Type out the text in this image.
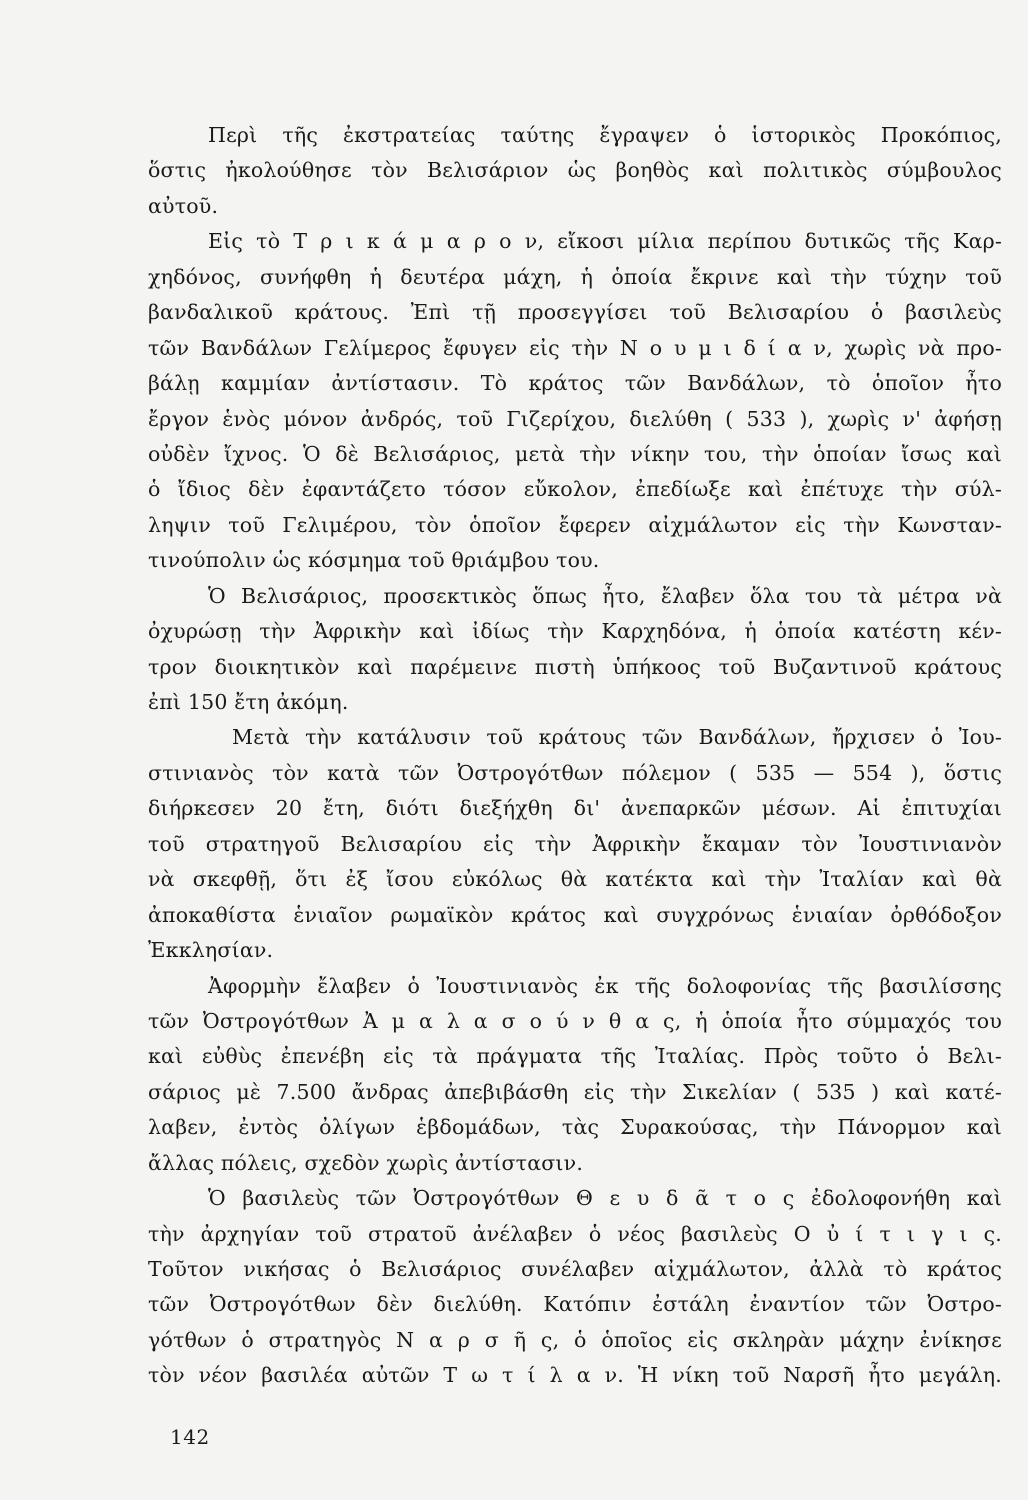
Περὶ τῆς ἐκστρατείας ταύτης ἔγραψεν ὁ ἱστορικὸς Προκόπιος,
ὅστις ἠκολούθησε τὸν Βελισάριον ὡς βοηθὸς καὶ πολιτικὸς σύμβουλος
αὐτοῦ.
Εἰς τὸ Τ ρ ι κ ά μ α ρ ο ν, εἴκοσι μίλια περίπου δυτικῶς τῆς Καρ-
χηδόνος, συνήφθη ἡ δευτέρα μάχη, ἡ ὁποία ἔκρινε καὶ τὴν τύχην τοῦ
βανδαλικοῦ κράτους. Ἐπὶ τῇ προσεγγίσει τοῦ Βελισαρίου ὁ βασιλεὺς
τῶν Βανδάλων Γελίμερος ἔφυγεν εἰς τὴν Ν ο υ μ ι δ ί α ν, χωρὶς νὰ προ-
βάλῃ καμμίαν ἀντίστασιν. Τὸ κράτος τῶν Βανδάλων, τὸ ὁποῖον ἦτο
ἔργον ἑνὸς μόνον ἀνδρός, τοῦ Γιζερίχου, διελύθη ( 533 ), χωρὶς ν' ἀφήσῃ
οὐδὲν ἴχνος. Ὁ δὲ Βελισάριος, μετὰ τὴν νίκην του, τὴν ὁποίαν ἴσως καὶ
ὁ ἴδιος δὲν ἐφαντάζετο τόσον εὔκολον, ἐπεδίωξε καὶ ἐπέτυχε τὴν σύλ-
ληψιν τοῦ Γελιμέρου, τὸν ὁποῖον ἔφερεν αἰχμάλωτον εἰς τὴν Κωνσταν-
τινούπολιν ὡς κόσμημα τοῦ θριάμβου του.
Ὁ Βελισάριος, προσεκτικὸς ὅπως ἦτο, ἔλαβεν ὅλα του τὰ μέτρα νὰ
ὀχυρώσῃ τὴν Ἀφρικὴν καὶ ἰδίως τὴν Καρχηδόνα, ἡ ὁποία κατέστη κέν-
τρον διοικητικὸν καὶ παρέμεινε πιστὴ ὑπήκοος τοῦ Βυζαντινοῦ κράτους
ἐπὶ 150 ἔτη ἀκόμη.
Μετὰ τὴν κατάλυσιν τοῦ κράτους τῶν Βανδάλων, ἤρχισεν ὁ Ἰου-
στινιανὸς τὸν κατὰ τῶν Ὀστρογότθων πόλεμον ( 535 — 554 ), ὅστις
διήρκεσεν 20 ἔτη, διότι διεξήχθη δι' ἀνεπαρκῶν μέσων. Αἱ ἐπιτυχίαι
τοῦ στρατηγοῦ Βελισαρίου εἰς τὴν Ἀφρικὴν ἔκαμαν τὸν Ἰουστινιανὸν
νὰ σκεφθῇ, ὅτι ἐξ ἴσου εὐκόλως θὰ κατέκτα καὶ τὴν Ἰταλίαν καὶ θὰ
ἀποκαθίστα ἑνιαῖον ρωμαϊκὸν κράτος καὶ συγχρόνως ἑνιαίαν ὀρθόδοξον
Ἐκκλησίαν.
Ἀφορμὴν ἔλαβεν ὁ Ἰουστινιανὸς ἐκ τῆς δολοφονίας τῆς βασιλίσσης
τῶν Ὀστρογότθων Ἀ μ α λ α σ ο ύ ν θ α ς, ἡ ὁποία ἦτο σύμμαχός του
καὶ εὐθὺς ἐπενέβη εἰς τὰ πράγματα τῆς Ἰταλίας. Πρὸς τοῦτο ὁ Βελι-
σάριος μὲ 7.500 ἄνδρας ἀπεβιβάσθη εἰς τὴν Σικελίαν ( 535 ) καὶ κατέ-
λαβεν, ἐντὸς ὀλίγων ἑβδομάδων, τὰς Συρακούσας, τὴν Πάνορμον καὶ
ἄλλας πόλεις, σχεδὸν χωρὶς ἀντίστασιν.
Ὁ βασιλεὺς τῶν Ὀστρογότθων Θ ε υ δ ᾶ τ ο ς ἐδολοφονήθη καὶ
τὴν ἀρχηγίαν τοῦ στρατοῦ ἀνέλαβεν ὁ νέος βασιλεὺς Ο ὐ ί τ ι γ ι ς.
Τοῦτον νικήσας ὁ Βελισάριος συνέλαβεν αἰχμάλωτον, ἀλλὰ τὸ κράτος
τῶν Ὀστρογότθων δὲν διελύθη. Κατόπιν ἐστάλη ἐναντίον τῶν Ὀστρο-
γότθων ὁ στρατηγὸς Ν α ρ σ ῆ ς, ὁ ὁποῖος εἰς σκληρὰν μάχην ἐνίκησε
τὸν νέον βασιλέα αὐτῶν Τ ω τ ί λ α ν. Ἡ νίκη τοῦ Ναρσῆ ἦτο μεγάλη.
142
